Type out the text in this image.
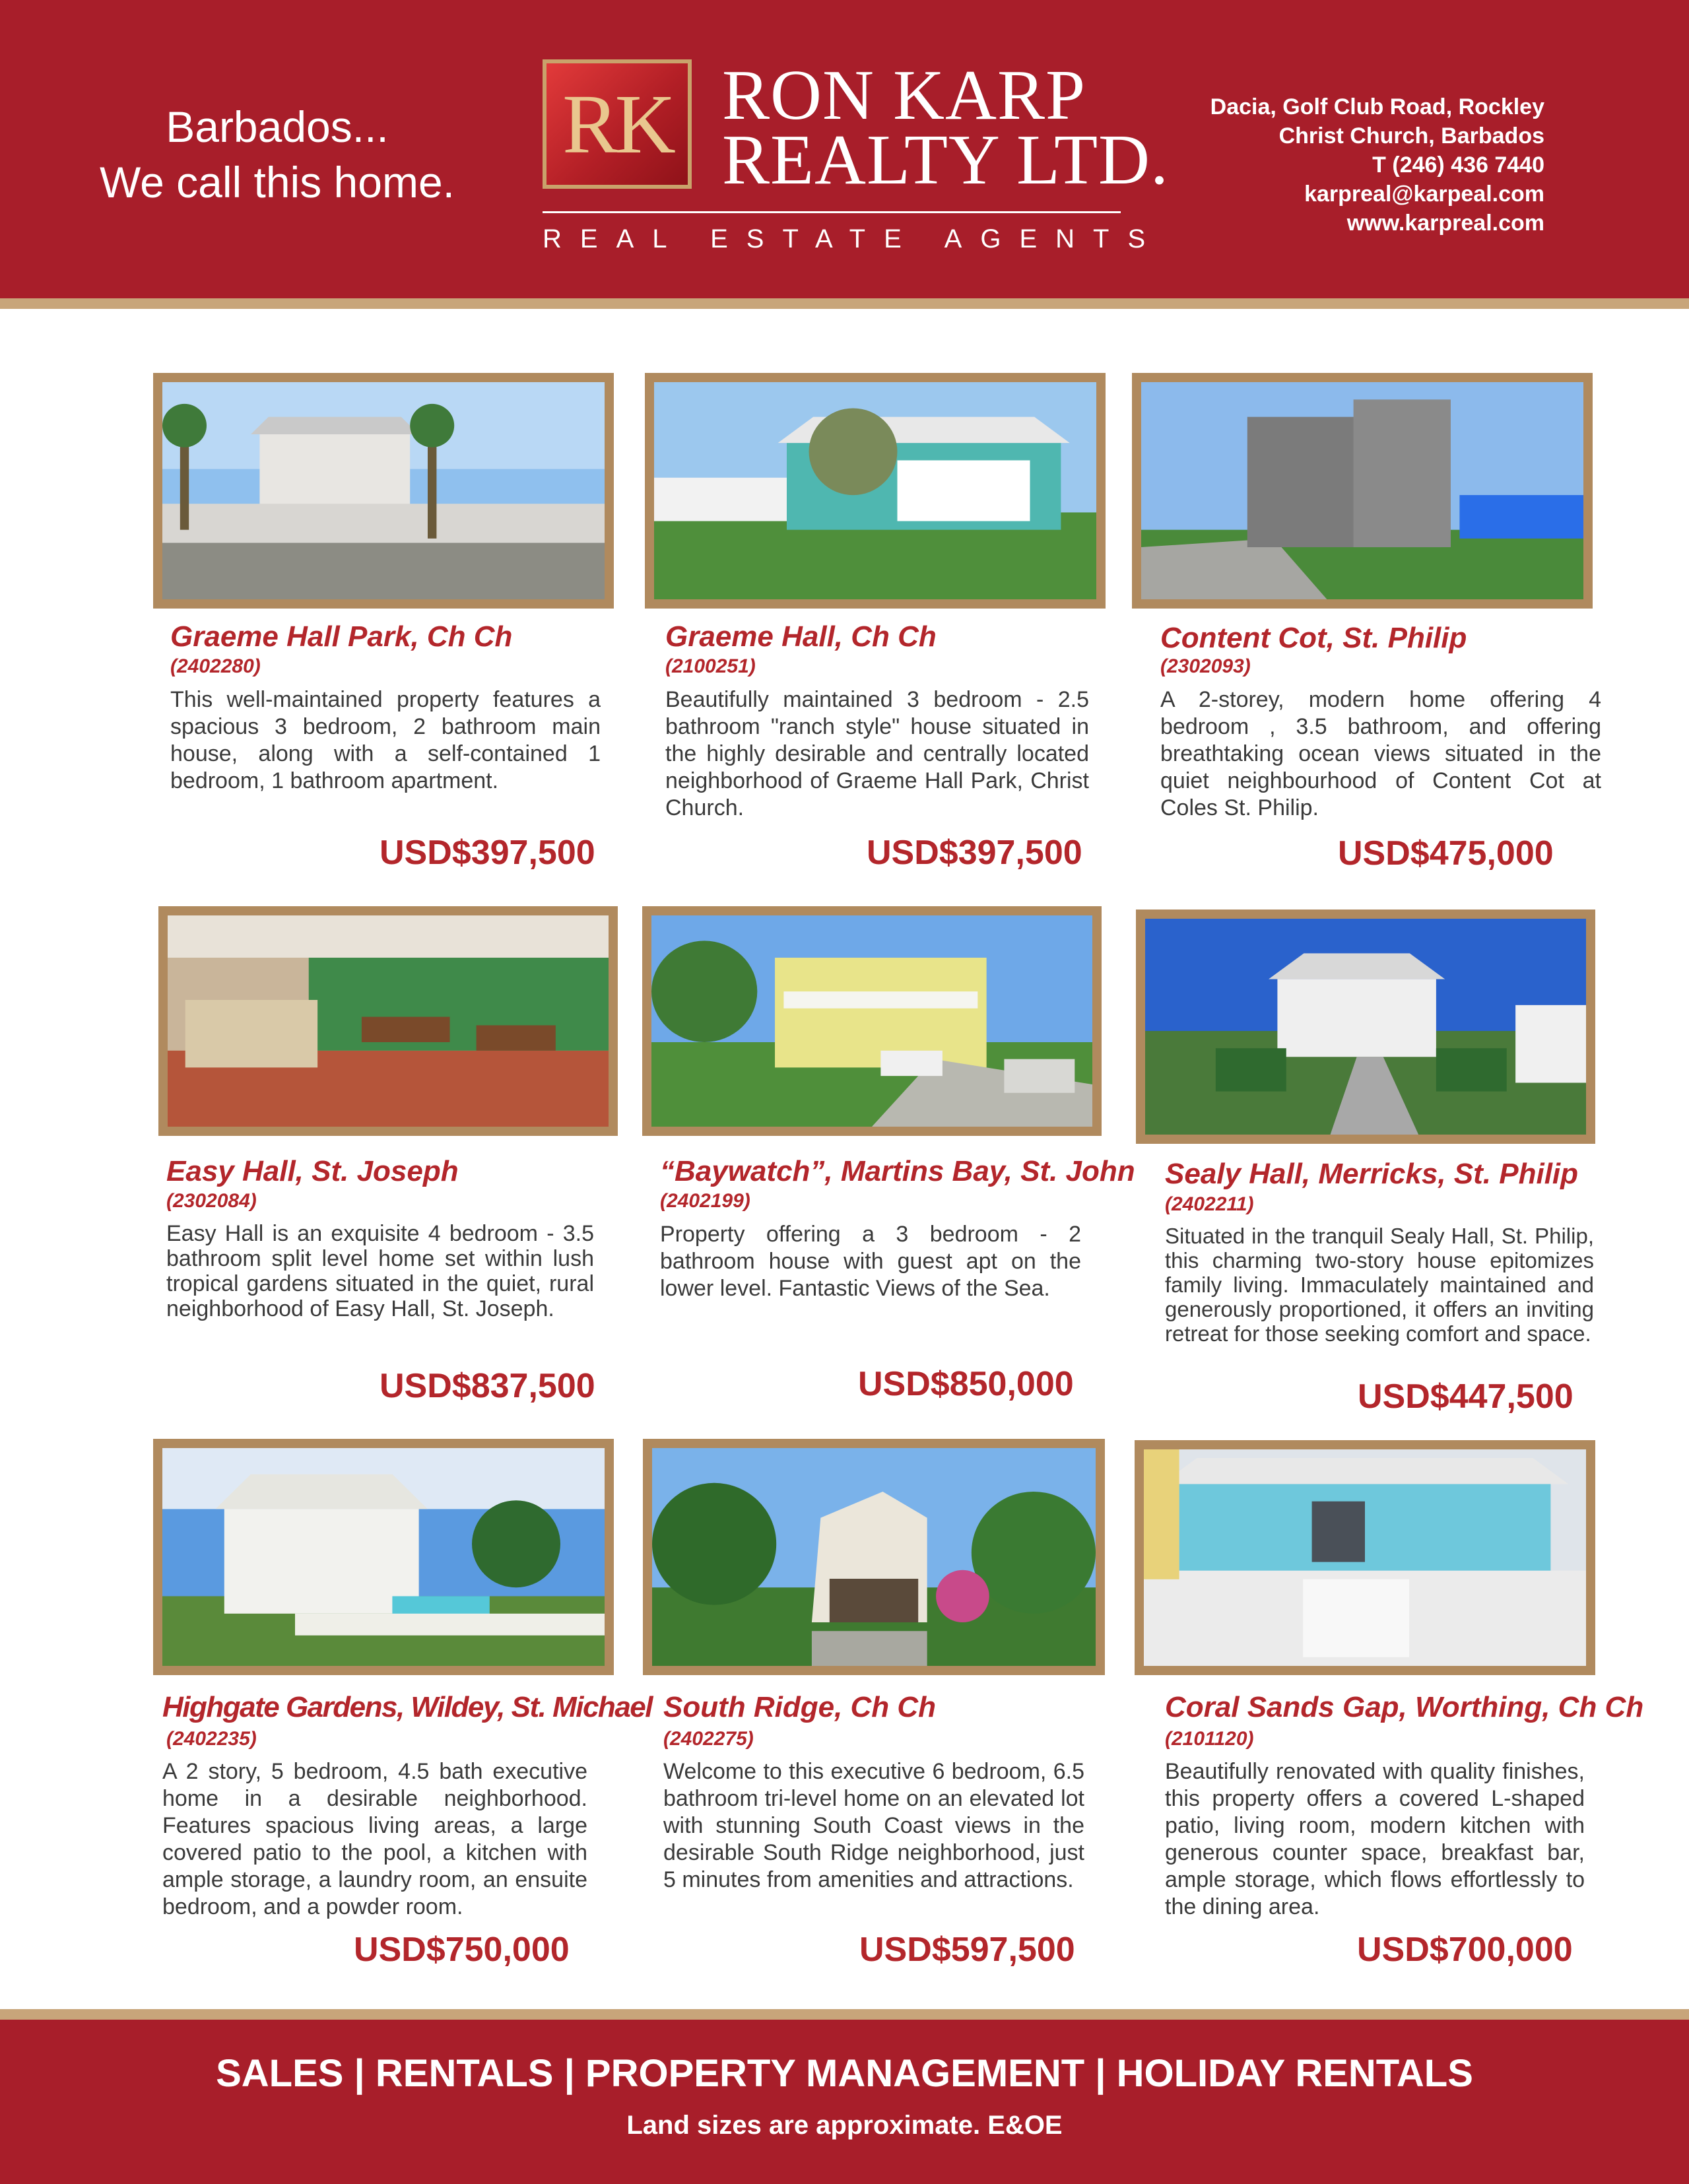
Barbados...
We call this home.
RK RON KARP
REALTY LTD.
REAL ESTATE AGENTS
Dacia, Golf Club Road, Rockley
Christ Church, Barbados
T (246) 436 7440
karpreal@karpeal.com
www.karpreal.com
Graeme Hall Park, Ch Ch
(2402280)

This well-maintained property features a spacious 3 bedroom, 2 bathroom main house, along with a self-contained 1 bedroom, 1 bathroom apartment.

USD$397,500
Graeme Hall, Ch Ch
(2100251)

Beautifully maintained 3 bedroom - 2.5 bathroom "ranch style" house situated in the highly desirable and centrally located neighborhood of Graeme Hall Park, Christ Church.

USD$397,500
Content Cot, St. Philip
(2302093)

A 2-storey, modern home offering 4 bedroom , 3.5 bathroom, and offering breathtaking ocean views situated in the quiet neighbourhood of Content Cot at Coles St. Philip.

USD$475,000
Easy Hall, St. Joseph
(2302084)

Easy Hall is an exquisite 4 bedroom - 3.5 bathroom split level home set within lush tropical gardens situated in the quiet, rural neighborhood of Easy Hall, St. Joseph.

USD$837,500
“Baywatch”, Martins Bay, St. John
(2402199)

Property offering a 3 bedroom - 2 bathroom house with guest apt on the lower level. Fantastic Views of the Sea.

USD$850,000
Sealy Hall, Merricks, St. Philip
(2402211)

Situated in the tranquil Sealy Hall, St. Philip, this charming two-story house epitomizes family living. Immaculately maintained and generously proportioned, it offers an inviting retreat for those seeking comfort and space.

USD$447,500
Highgate Gardens, Wildey, St. Michael
(2402235)

A 2 story, 5 bedroom, 4.5 bath executive home in a desirable neighborhood. Features spacious living areas, a large covered patio to the pool, a kitchen with ample storage, a laundry room, an ensuite bedroom, and a powder room.

USD$750,000
South Ridge, Ch Ch
(2402275)

Welcome to this executive 6 bedroom, 6.5 bathroom tri-level home on an elevated lot with stunning South Coast views in the desirable South Ridge neighborhood, just 5 minutes from amenities and attractions.

USD$597,500
Coral Sands Gap, Worthing, Ch Ch
(2101120)

Beautifully renovated with quality finishes, this property offers a covered L-shaped patio, living room, modern kitchen with generous counter space, breakfast bar, ample storage, which flows effortlessly to the dining area.

USD$700,000
SALES | RENTALS | PROPERTY MANAGEMENT | HOLIDAY RENTALS
Land sizes are approximate. E&OE
